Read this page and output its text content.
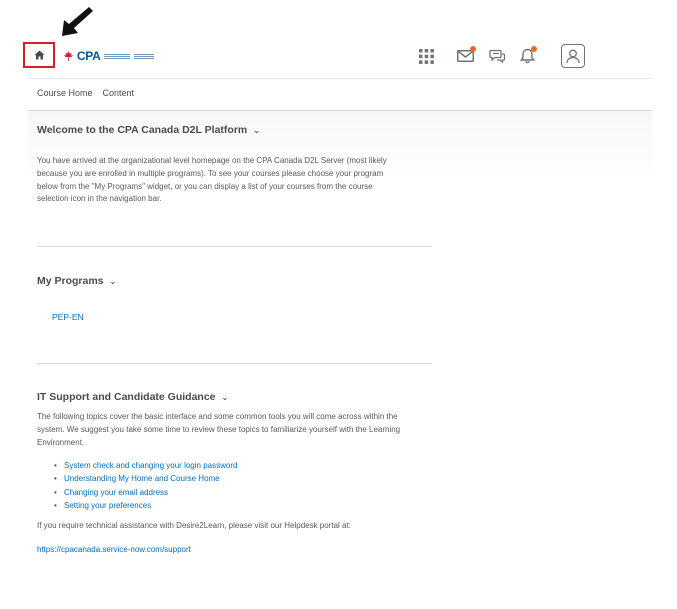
CPA
Course Home Content
Welcome to the CPA Canada D2L Platform ⌄
You have arrived at the organizational level homepage on the CPA Canada D2L Server (most likely
because you are enrolled in multiple programs). To see your courses please choose your program
below from the "My Programs" widget, or you can display a list of your courses from the course
selection icon in the navigation bar.
My Programs ⌄
PEP-EN
IT Support and Candidate Guidance ⌄
The following topics cover the basic interface and some common tools you will come across within the
system. We suggest you take some time to review these topics to familiarize yourself with the Learning
Environment.
• System check and changing your login password
• Understanding My Home and Course Home
• Changing your email address
• Setting your preferences
If you require technical assistance with Desire2Learn, please visit our Helpdesk portal at:
https://cpacanada.service-now.com/support
